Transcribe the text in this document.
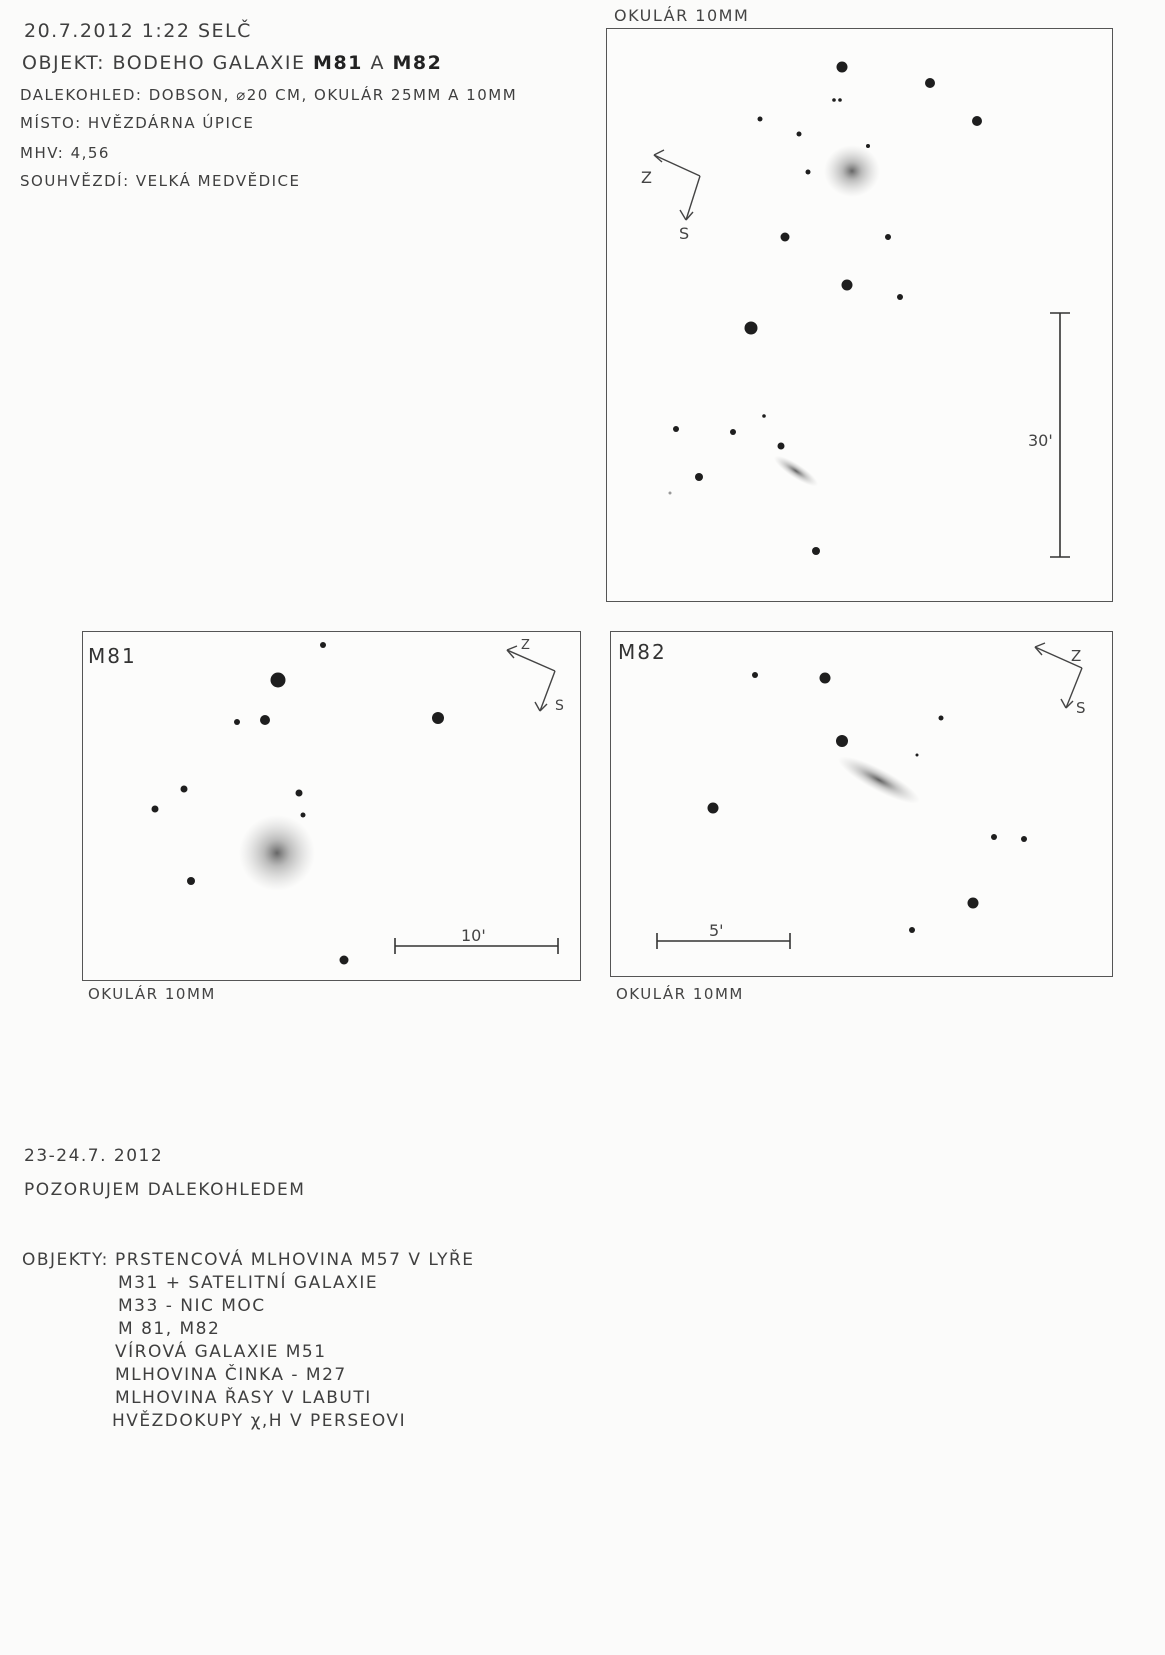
20.7.2012 1:22 SELČ
OBJEKT: BODEHO GALAXIE M81 A M82
DALEKOHLED: DOBSON, ⌀20 CM, OKULÁR 25MM A 10MM
MÍSTO: HVĚZDÁRNA ÚPICE
MHV: 4,56
SOUHVĚZDÍ: VELKÁ MEDVĚDICE
OKULÁR 10MM
M81
OKULÁR 10MM
M82
OKULÁR 10MM
Z
S
30'
Z
S
10'
Z
S
5'
23-24.7. 2012
POZORUJEM DALEKOHLEDEM
OBJEKTY: PRSTENCOVÁ MLHOVINA M57 V LYŘE
M31 + SATELITNÍ GALAXIE
M33 - NIC MOC
M 81, M82
VÍROVÁ GALAXIE M51
MLHOVINA ČINKA - M27
MLHOVINA ŘASY V LABUTI
HVĚZDOKUPY χ,H V PERSEOVI
